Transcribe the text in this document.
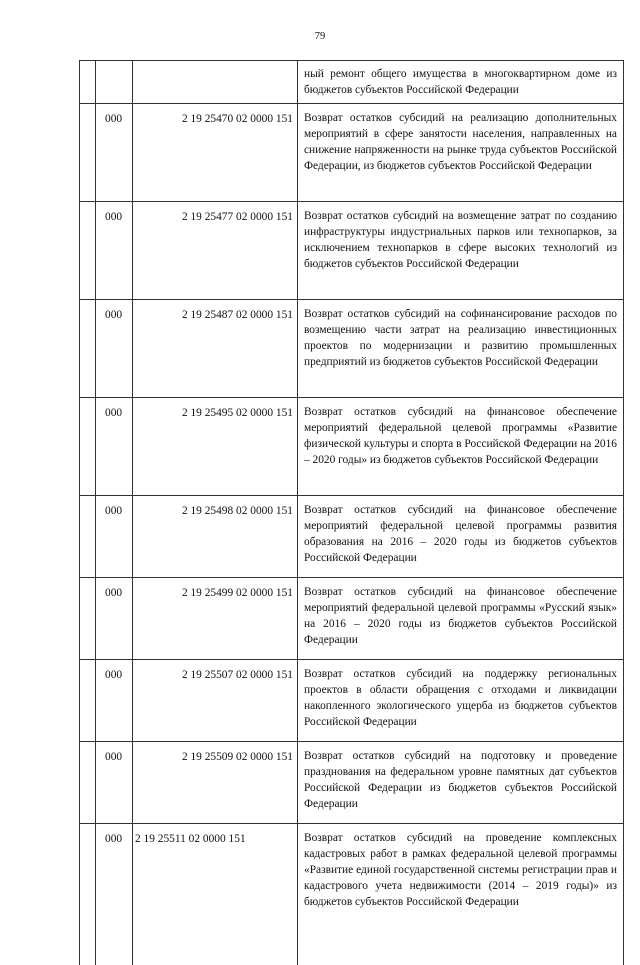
79
			ный ремонт общего имущества в многоквартирном доме из бюджетов субъектов Российской Федерации
	000	2 19 25470 02 0000 151	Возврат остатков субсидий на реализацию дополнительных мероприятий в сфере занятости населения, направленных на снижение напряженности на рынке труда субъектов Российской Федерации, из бюджетов субъектов Российской Федерации
	000	2 19 25477 02 0000 151	Возврат остатков субсидий на возмещение затрат по созданию инфраструктуры индустриальных парков или технопарков, за исключением технопарков в сфере высоких технологий из бюджетов субъектов Российской Федерации
	000	2 19 25487 02 0000 151	Возврат остатков субсидий на софинансирование расходов по возмещению части затрат на реализацию инвестиционных проектов по модернизации и развитию промышленных предприятий из бюджетов субъектов Российской Федерации
	000	2 19 25495 02 0000 151	Возврат остатков субсидий на финансовое обеспечение мероприятий федеральной целевой программы «Развитие физической культуры и спорта в Российской Федерации на 2016 – 2020 годы» из бюджетов субъектов Российской Федерации
	000	2 19 25498 02 0000 151	Возврат остатков субсидий на финансовое обеспечение мероприятий федеральной целевой программы развития образования на 2016 – 2020 годы из бюджетов субъектов Российской Федерации
	000	2 19 25499 02 0000 151	Возврат остатков субсидий на финансовое обеспечение мероприятий федеральной целевой программы «Русский язык» на 2016 – 2020 годы из бюджетов субъектов Российской Федерации
	000	2 19 25507 02 0000 151	Возврат остатков субсидий на поддержку региональных проектов в области обращения с отходами и ликвидации накопленного экологического ущерба из бюджетов субъектов Российской Федерации
	000	2 19 25509 02 0000 151	Возврат остатков субсидий на подготовку и проведение празднования на федеральном уровне памятных дат субъектов Российской Федерации из бюджетов субъектов Российской Федерации
	000	2 19 25511 02 0000 151	Возврат остатков субсидий на проведение комплексных кадастровых работ в рамках федеральной целевой программы «Развитие единой государственной системы регистрации прав и кадастрового учета недвижимости (2014 – 2019 годы)» из бюджетов субъектов Российской Федерации
